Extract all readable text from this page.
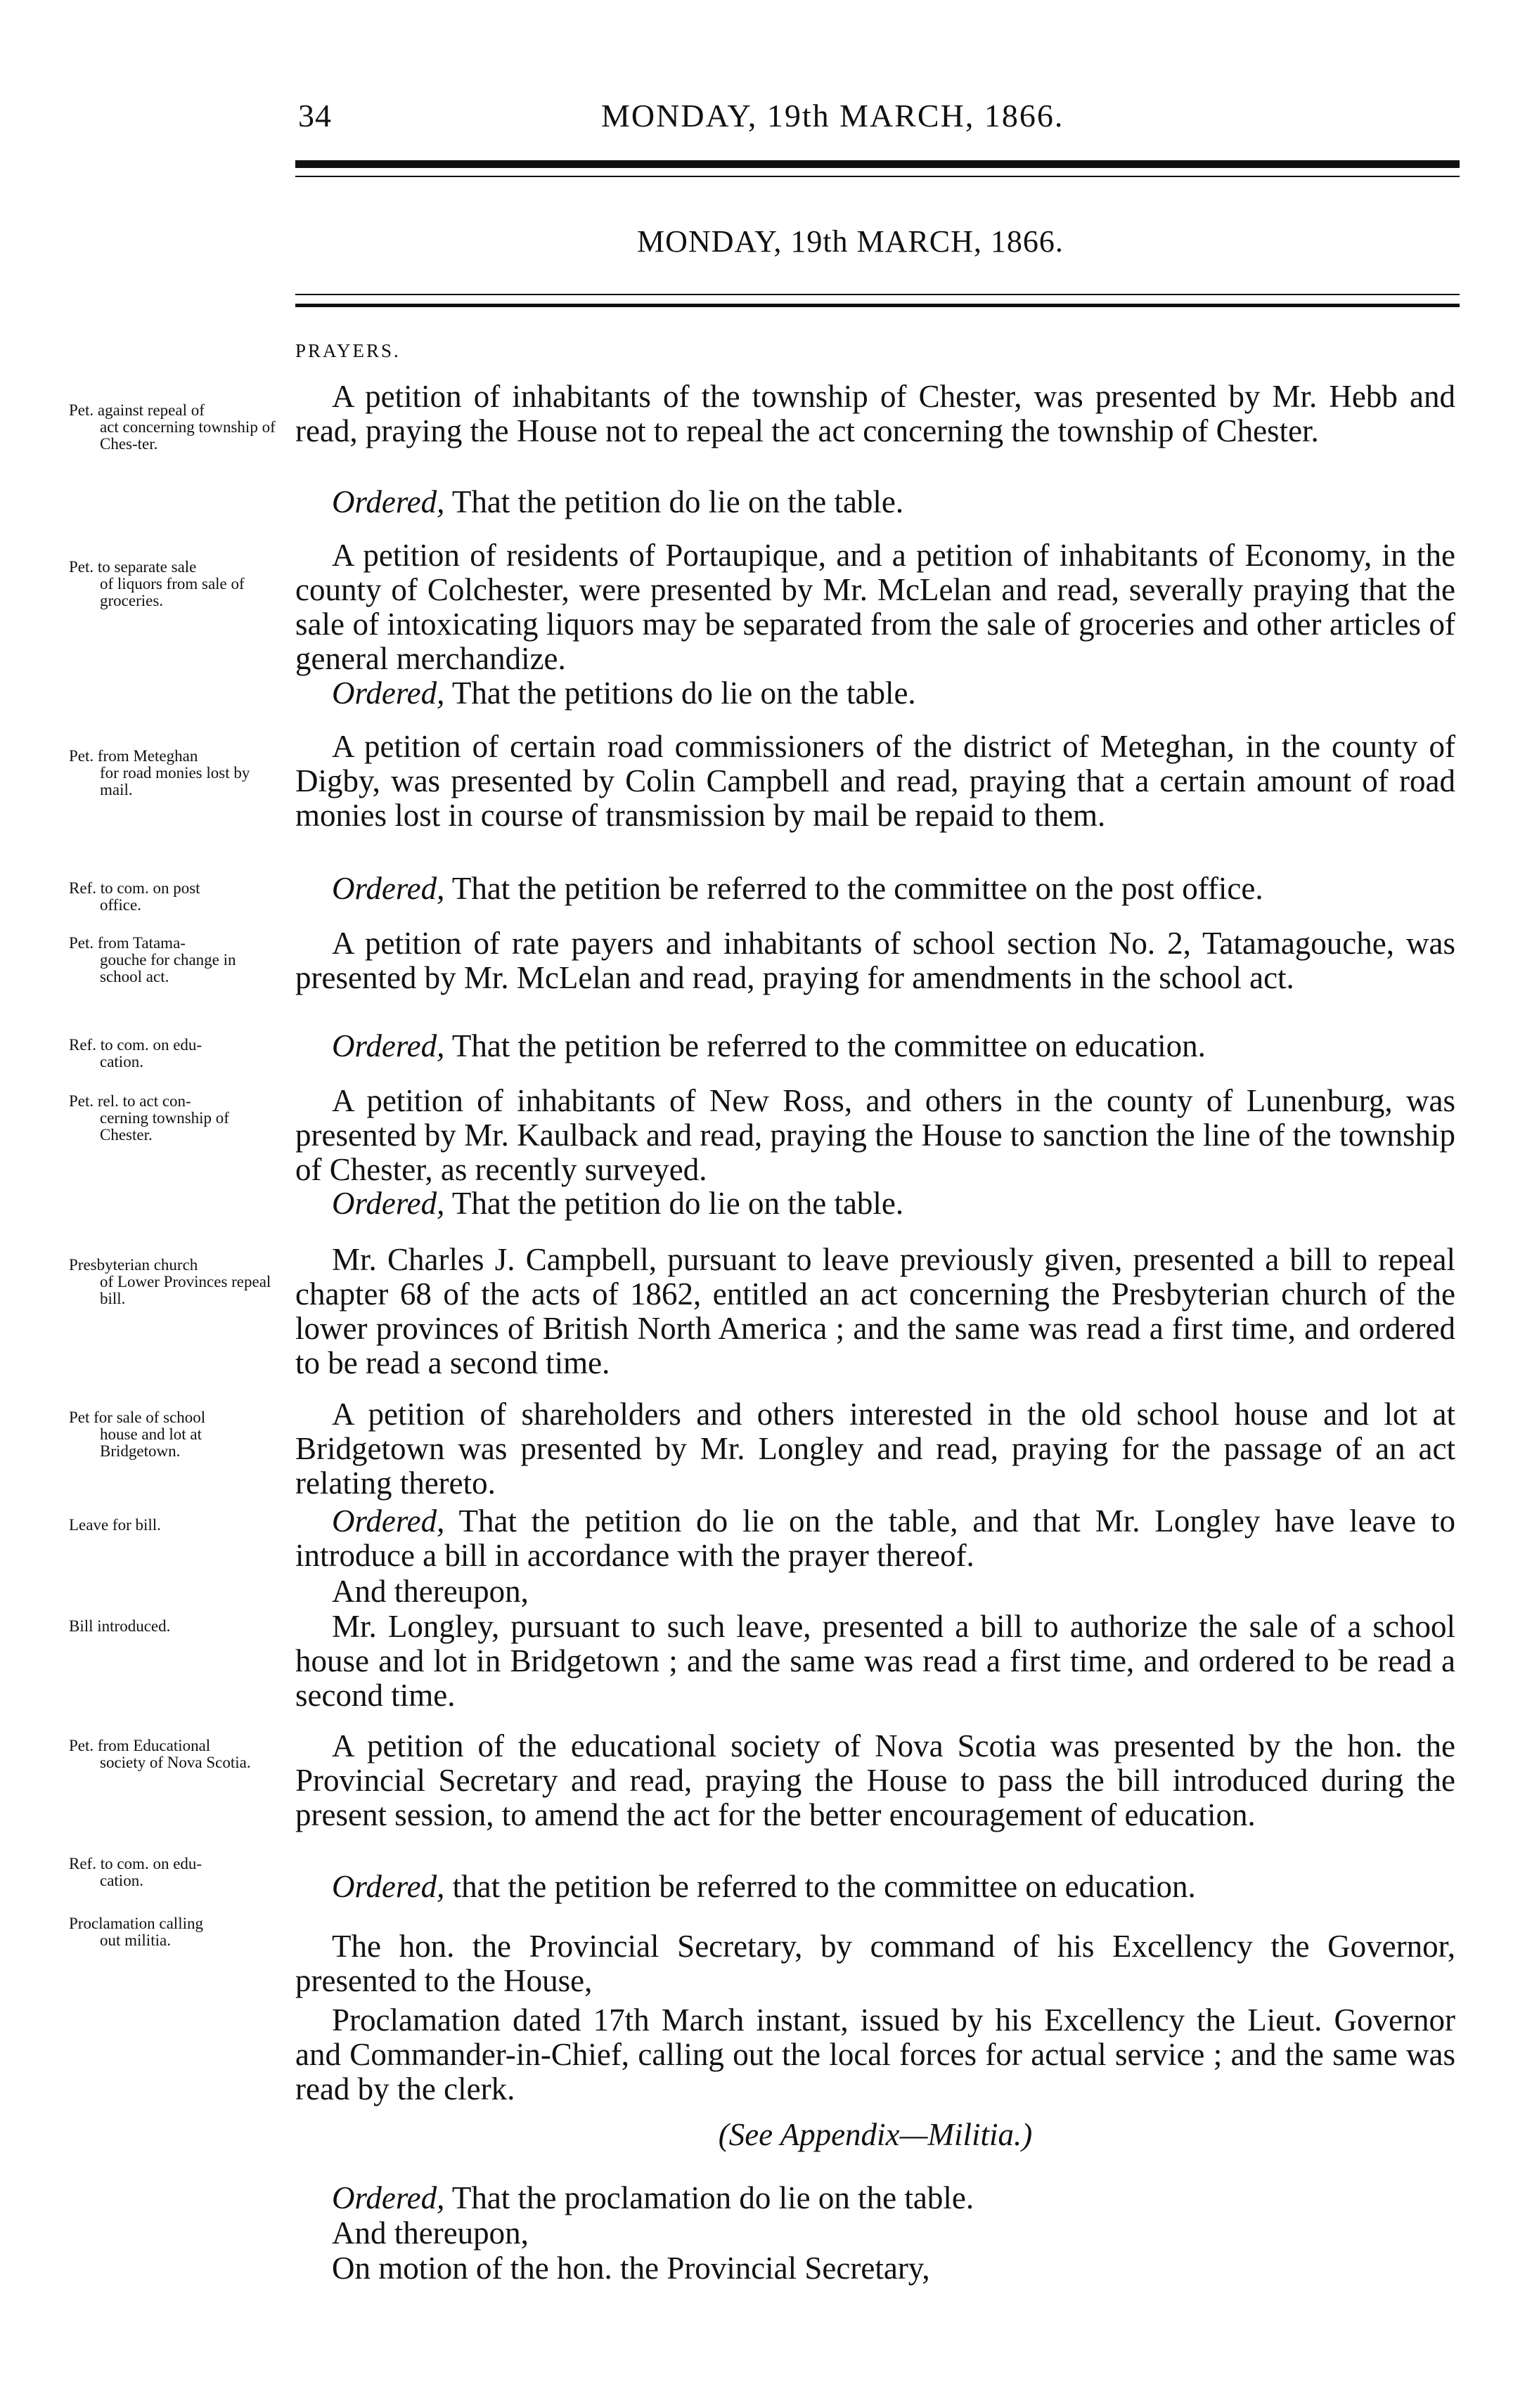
34	MONDAY, 19th MARCH, 1866.
MONDAY, 19th MARCH, 1866.
PRAYERS.
Pet. against repeal of
act concerning township of Ches-ter.
Pet. to separate sale
of liquors from sale of groceries.
Pet. from Meteghan
for road monies lost by mail.
Ref. to com. on post
office.
Pet. from Tatama-
gouche for change in school act.
Ref. to com. on edu-
cation.
Pet. rel. to act con-
cerning township of Chester.
Presbyterian church
of Lower Provinces repeal bill.
Pet for sale of school
house and lot at Bridgetown.
Leave for bill.
Bill introduced.
Pet. from Educational
society of Nova Scotia.
Ref. to com. on edu-
cation.
Proclamation calling
out militia.

A petition of inhabitants of the township of Chester, was presented by Mr. Hebb and read, praying the House not to repeal the act concerning the township of Chester.

Ordered, That the petition do lie on the table.

A petition of residents of Portaupique, and a petition of inhabitants of Economy, in the county of Colchester, were presented by Mr. McLelan and read, severally praying that the sale of intoxicating liquors may be separated from the sale of groceries and other articles of general merchandize.

Ordered, That the petitions do lie on the table.

A petition of certain road commissioners of the district of Meteghan, in the county of Digby, was presented by Colin Campbell and read, praying that a certain amount of road monies lost in course of transmission by mail be repaid to them.

Ordered, That the petition be referred to the committee on the post office.

A petition of rate payers and inhabitants of school section No. 2, Tatamagouche, was presented by Mr. McLelan and read, praying for amendments in the school act.

Ordered, That the petition be referred to the committee on education.

A petition of inhabitants of New Ross, and others in the county of Lunenburg, was presented by Mr. Kaulback and read, praying the House to sanction the line of the township of Chester, as recently surveyed.

Ordered, That the petition do lie on the table.

Mr. Charles J. Campbell, pursuant to leave previously given, presented a bill to repeal chapter 68 of the acts of 1862, entitled an act concerning the Presbyterian church of the lower provinces of British North America ; and the same was read a first time, and ordered to be read a second time.

A petition of shareholders and others interested in the old school house and lot at Bridgetown was presented by Mr. Longley and read, praying for the passage of an act relating thereto.

Ordered, That the petition do lie on the table, and that Mr. Longley have leave to introduce a bill in accordance with the prayer thereof.

And thereupon,

Mr. Longley, pursuant to such leave, presented a bill to authorize the sale of a school house and lot in Bridgetown ; and the same was read a first time, and ordered to be read a second time.

A petition of the educational society of Nova Scotia was presented by the hon. the Provincial Secretary and read, praying the House to pass the bill introduced during the present session, to amend the act for the better encouragement of education.

Ordered, that the petition be referred to the committee on education.

The hon. the Provincial Secretary, by command of his Excellency the Governor, presented to the House,

Proclamation dated 17th March instant, issued by his Excellency the Lieut. Governor and Commander-in-Chief, calling out the local forces for actual service ; and the same was read by the clerk.

(See Appendix—Militia.)

Ordered, That the proclamation do lie on the table.

And thereupon,

On motion of the hon. the Provincial Secretary,
